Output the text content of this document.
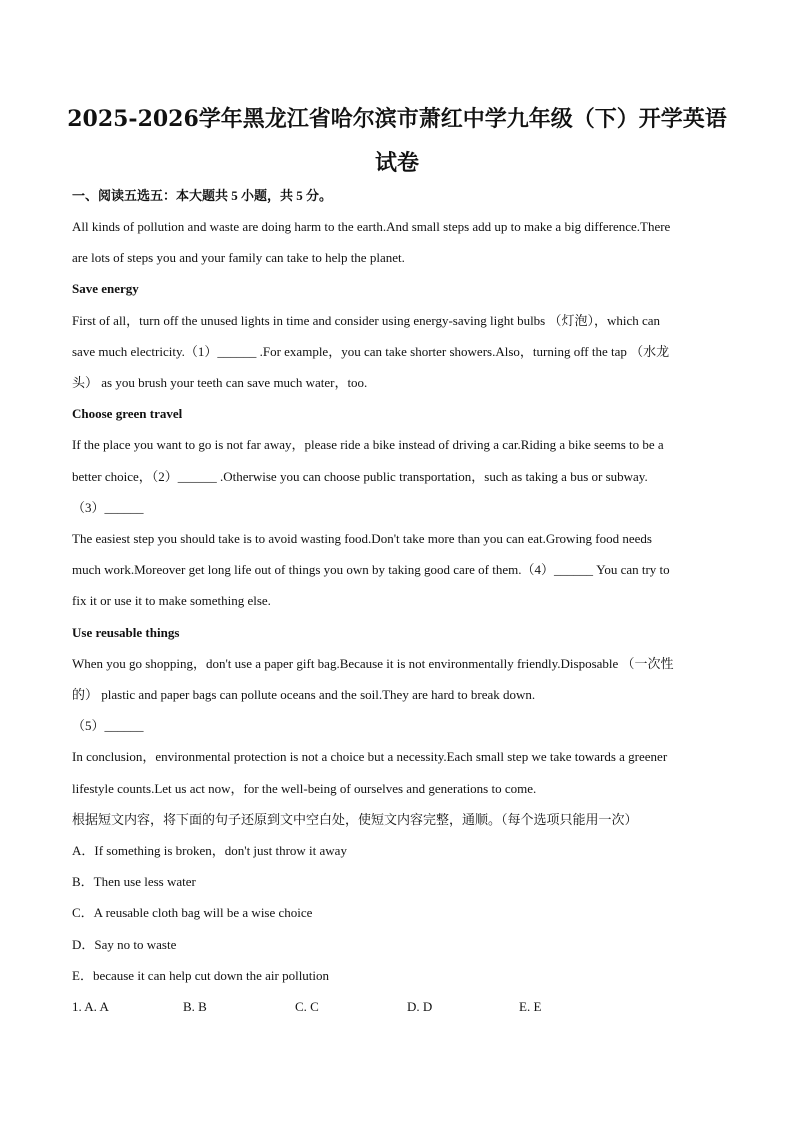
2025-2026学年黑龙江省哈尔滨市萧红中学九年级（下）开学英语试卷
一、阅读五选五：本大题共 5 小题，共 5 分。
All kinds of pollution and waste are doing harm to the earth.And small steps add up to make a big difference.There
are lots of steps you and your family can take to help the planet.
Save energy
First of all，turn off the unused lights in time and consider using energy-saving light bulbs （灯泡），which can
save much electricity.（1）______ .For example，you can take shorter showers.Also，turning off the tap （水龙
头） as you brush your teeth can save much water，too.
Choose green travel
If the place you want to go is not far away，please ride a bike instead of driving a car.Riding a bike seems to be a
better choice，（2）______ .Otherwise you can choose public transportation，such as taking a bus or subway.
（3）______
The easiest step you should take is to avoid wasting food.Don't take more than you can eat.Growing food needs
much work.Moreover get long life out of things you own by taking good care of them.（4）______ You can try to
fix it or use it to make something else.
Use reusable things
When you go shopping，don't use a paper gift bag.Because it is not environmentally friendly.Disposable （一次性
的） plastic and paper bags can pollute oceans and the soil.They are hard to break down.
（5）______
In conclusion，environmental protection is not a choice but a necessity.Each small step we take towards a greener
lifestyle counts.Let us act now，for the well-being of ourselves and generations to come.
根据短文内容，将下面的句子还原到文中空白处，使短文内容完整，通顺。（每个选项只能用一次）
A．If something is broken，don't just throw it away
B．Then use less water
C．A reusable cloth bag will be a wise choice
D．Say no to waste
E．because it can help cut down the air pollution
1. A. A	B. B	C. C	D. D	E. E
